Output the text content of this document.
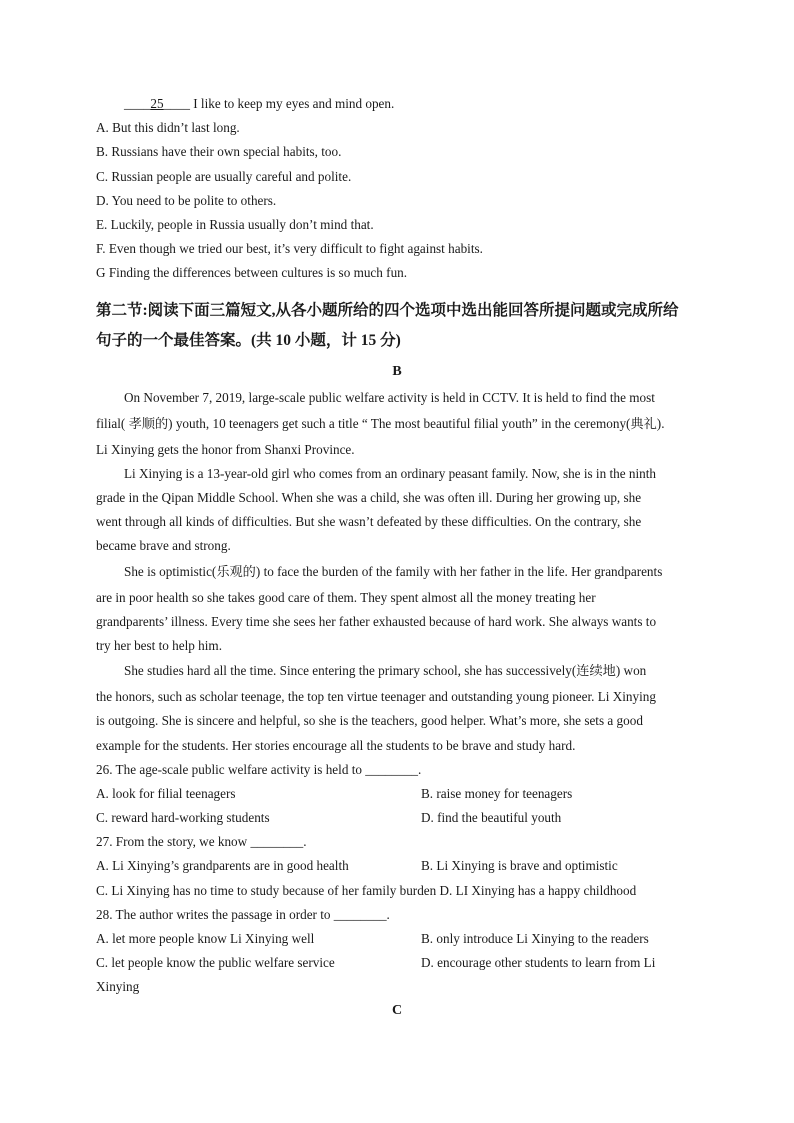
____25____ I like to keep my eyes and mind open.
A. But this didn’t last long.
B. Russians have their own special habits, too.
C. Russian people are usually careful and polite.
D. You need to be polite to others.
E. Luckily, people in Russia usually don’t mind that.
F. Even though we tried our best, it’s very difficult to fight against habits.
G Finding the differences between cultures is so much fun.
第二节:阅读下面三篇短文,从各小题所给的四个选项中选出能回答所提问题或完成所给
句子的一个最佳答案。(共 10 小题，计 15 分)
B
On November 7, 2019, large-scale public welfare activity is held in CCTV. It is held to find the most
filial( 孝顺的) youth, 10 teenagers get such a title “ The most beautiful filial youth” in the ceremony(典礼).
Li Xinying gets the honor from Shanxi Province.
Li Xinying is a 13-year-old girl who comes from an ordinary peasant family. Now, she is in the ninth
grade in the Qipan Middle School. When she was a child, she was often ill. During her growing up, she
went through all kinds of difficulties. But she wasn’t defeated by these difficulties. On the contrary, she
became brave and strong.
She is optimistic(乐观的) to face the burden of the family with her father in the life. Her grandparents
are in poor health so she takes good care of them. They spent almost all the money treating her
grandparents’ illness. Every time she sees her father exhausted because of hard work. She always wants to
try her best to help him.
She studies hard all the time. Since entering the primary school, she has successively(连续地) won
the honors, such as scholar teenage, the top ten virtue teenager and outstanding young pioneer. Li Xinying
is outgoing. She is sincere and helpful, so she is the teachers, good helper. What’s more, she sets a good
example for the students. Her stories encourage all the students to be brave and study hard.
26. The age-scale public welfare activity is held to ________.
A. look for filial teenagers	B. raise money for teenagers
C. reward hard-working students	D. find the beautiful youth
27. From the story, we know ________.
A. Li Xinying’s grandparents are in good health	B. Li Xinying is brave and optimistic
C. Li Xinying has no time to study because of her family burden D. LI Xinying has a happy childhood
28. The author writes the passage in order to ________.
A. let more people know Li Xinying well	B. only introduce Li Xinying to the readers
C. let people know the public welfare service	D. encourage other students to learn from Li
Xinying
C
